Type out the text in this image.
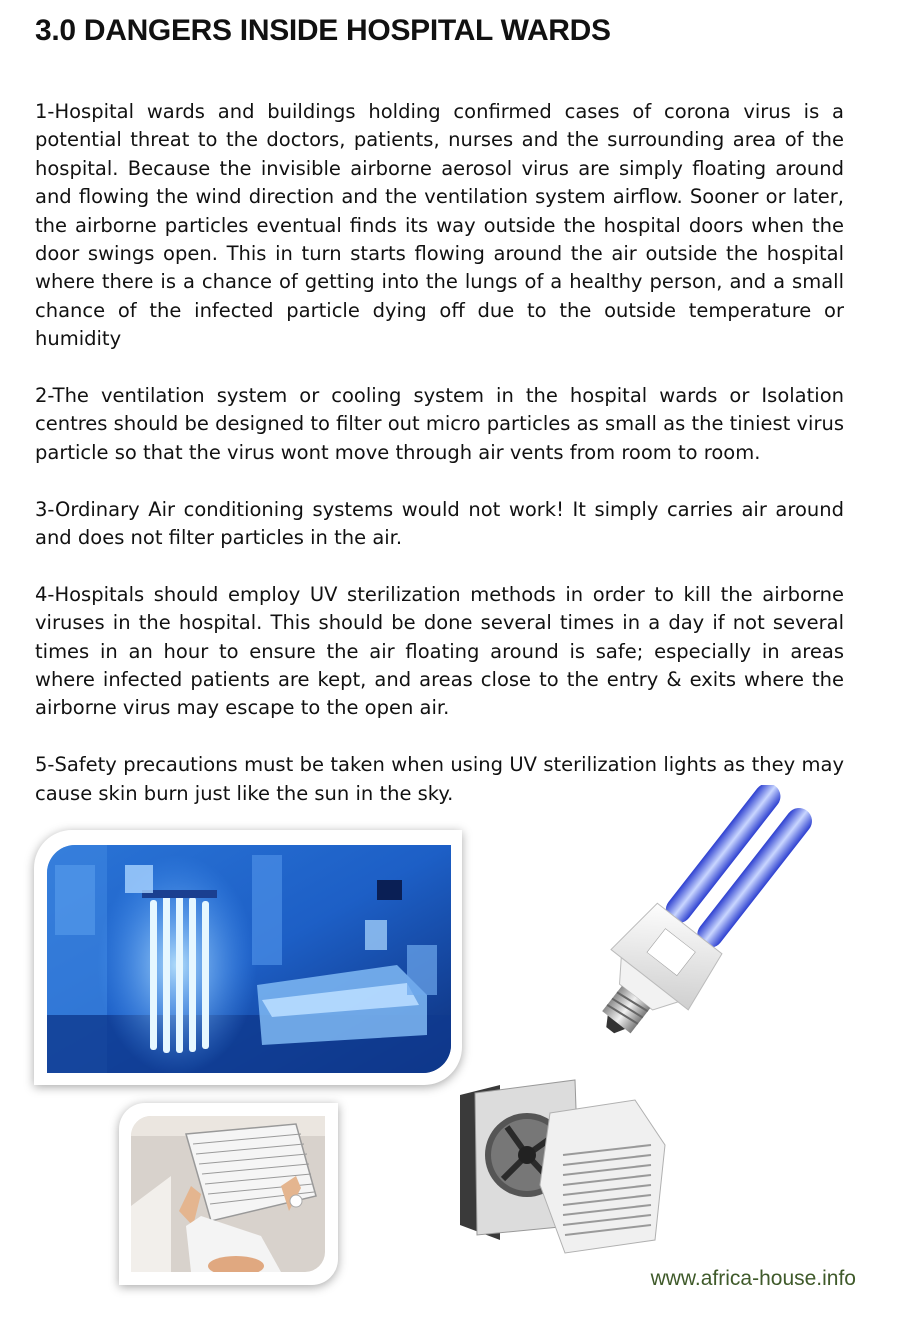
3.0 DANGERS INSIDE HOSPITAL WARDS

1-Hospital wards and buildings holding confirmed cases of corona virus is a potential threat to the doctors, patients, nurses and the surrounding area of the hospital. Because the invisible airborne aerosol virus are simply floating around and flowing the wind direction and the ventilation system airflow. Sooner or later, the airborne particles eventual finds its way outside the hospital doors when the door swings open. This in turn starts flowing around the air outside the hospital where there is a chance of getting into the lungs of a healthy person, and a small chance of the infected particle dying off due to the outside temperature or humidity

2-The ventilation system or cooling system in the hospital wards or Isolation centres should be designed to filter out micro particles as small as the tiniest virus particle so that the virus wont move through air vents from room to room.

3-Ordinary Air conditioning systems would not work! It simply carries air around and does not filter particles in the air.

4-Hospitals should employ UV sterilization methods in order to kill the airborne viruses in the hospital. This should be done several times in a day if not several times in an hour to ensure the air floating around is safe; especially in areas where infected patients are kept, and areas close to the entry & exits where the airborne virus may escape to the open air.

5-Safety precautions must be taken when using UV sterilization lights as they may cause skin burn just like the sun in the sky.

www.africa-house.info
